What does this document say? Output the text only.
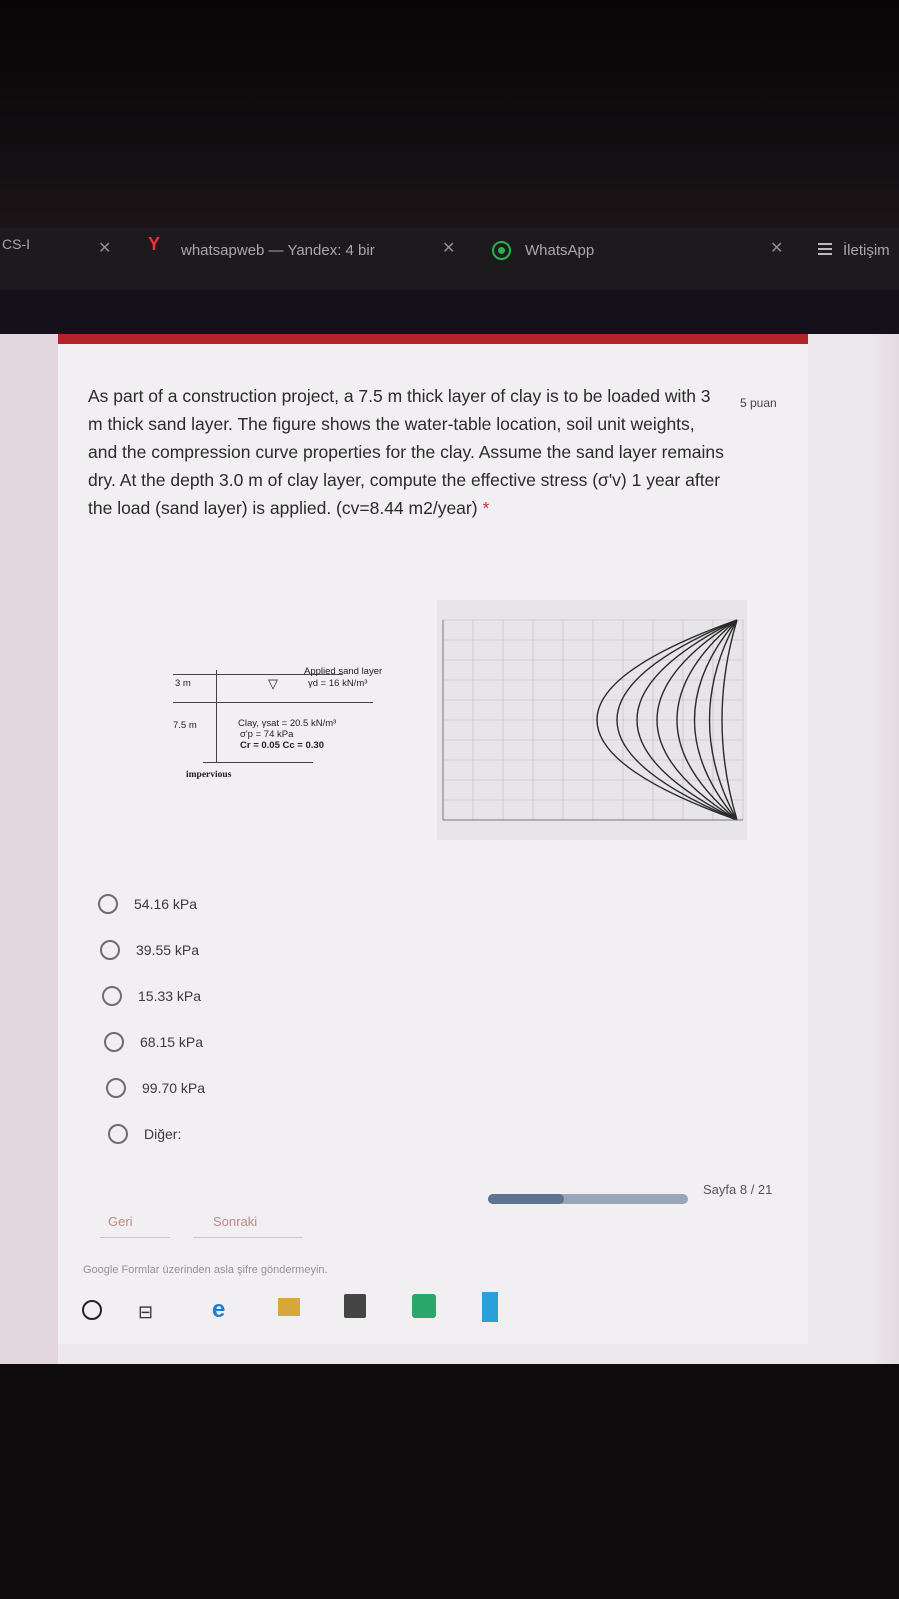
CS-I	✕ Y whatsapweb — Yandex: 4 bir	✕	WhatsApp	✕	İletişim
As part of a construction project, a 7.5 m thick layer of clay is to be loaded with 3 m thick sand layer. The figure shows the water-table location, soil unit weights, and the compression curve properties for the clay. Assume the sand layer remains dry. At the depth 3.0 m of clay layer, compute the effective stress (σ'v) 1 year after the load (sand layer) is applied. (cv=8.44 m2/year) *
5 puan
3 m
7.5 m
▽
Applied sand layer
γd = 16 kN/m³
Clay, γsat = 20.5 kN/m³
σ'p = 74 kPa
Cr = 0.05 Cc = 0.30
impervious
54.16 kPa
39.55 kPa
15.33 kPa
68.15 kPa
99.70 kPa
Diğer:
Sayfa 8 / 21
Geri	Sonraki
Google Formlar üzerinden asla şifre göndermeyin.
⊟ e
